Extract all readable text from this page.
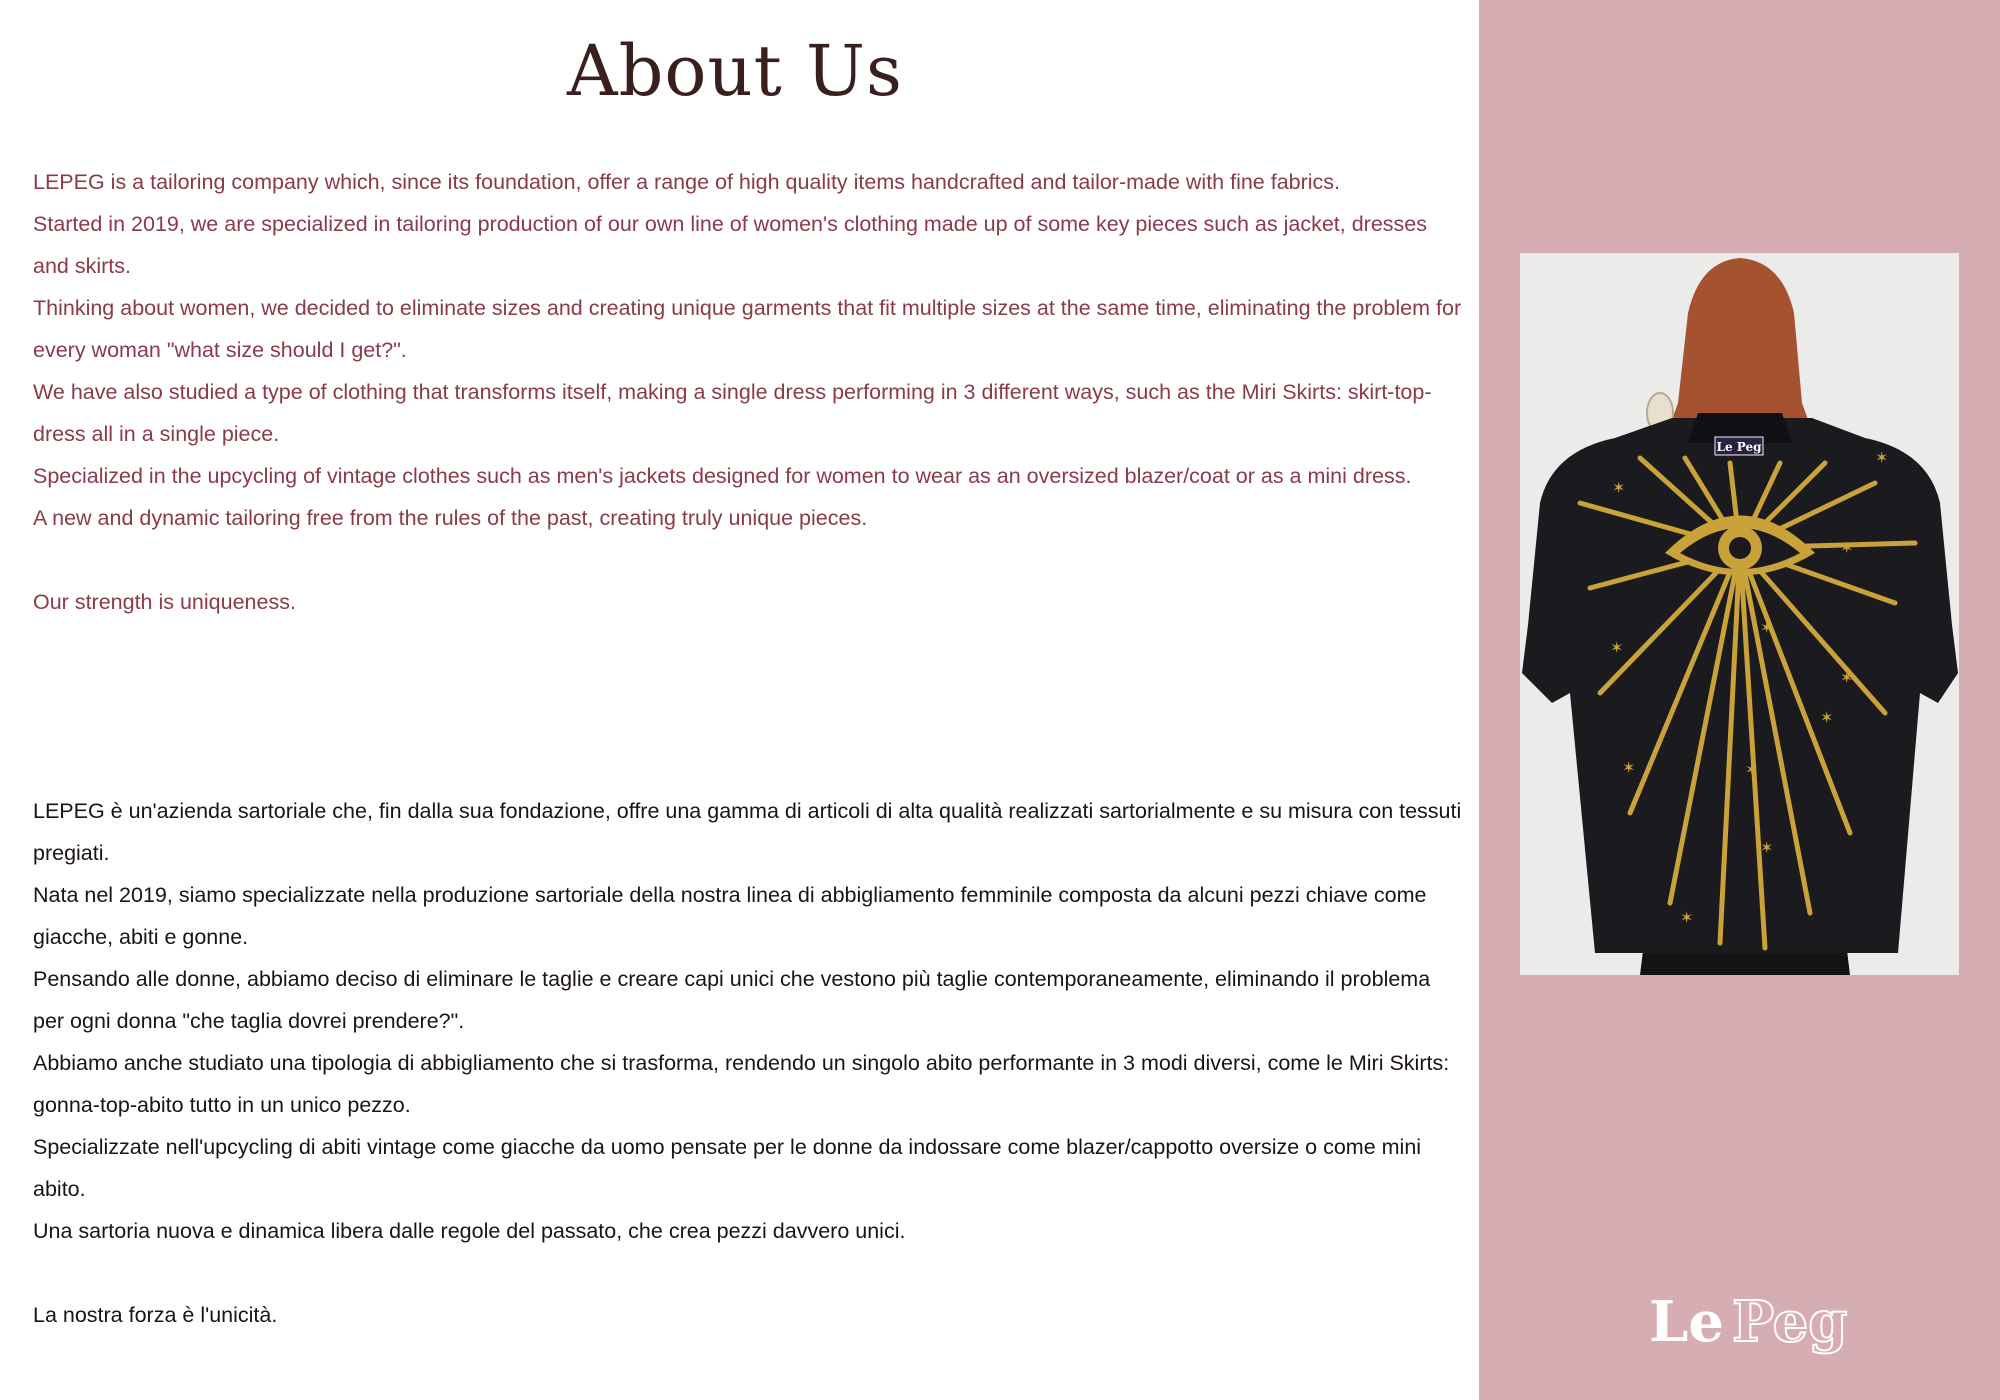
About Us

LEPEG is a tailoring company which, since its foundation, offer a range of high quality items handcrafted and tailor-made with fine fabrics.

Started in 2019, we are specialized in tailoring production of our own line of women's clothing made up of some key pieces such as jacket, dresses and skirts.

Thinking about women, we decided to eliminate sizes and creating unique garments that fit multiple sizes at the same time, eliminating the problem for every woman "what size should I get?".

We have also studied a type of clothing that transforms itself, making a single dress performing in 3 different ways, such as the Miri Skirts: skirt-top-dress all in a single piece.

Specialized in the upcycling of vintage clothes such as men's jackets designed for women to wear as an oversized blazer/coat or as a mini dress.

A new and dynamic tailoring free from the rules of the past, creating truly unique pieces.

Our strength is uniqueness.

LEPEG è un'azienda sartoriale che, fin dalla sua fondazione, offre una gamma di articoli di alta qualità realizzati sartorialmente e su misura con tessuti pregiati.

Nata nel 2019, siamo specializzate nella produzione sartoriale della nostra linea di abbigliamento femminile composta da alcuni pezzi chiave come giacche, abiti e gonne.

Pensando alle donne, abbiamo deciso di eliminare le taglie e creare capi unici che vestono più taglie contemporaneamente, eliminando il problema per ogni donna "che taglia dovrei prendere?".

Abbiamo anche studiato una tipologia di abbigliamento che si trasforma, rendendo un singolo abito performante in 3 modi diversi, come le Miri Skirts: gonna-top-abito tutto in un unico pezzo.

Specializzate nell'upcycling di abiti vintage come giacche da uomo pensate per le donne da indossare come blazer/cappotto oversize o come mini abito.

Una sartoria nuova e dinamica libera dalle regole del passato, che crea pezzi davvero unici.

La nostra forza è l'unicità.

Le Peg
✶
✶
✶
✶
✶
✶	✶
✶
✶
✶
✶
Le Peg
